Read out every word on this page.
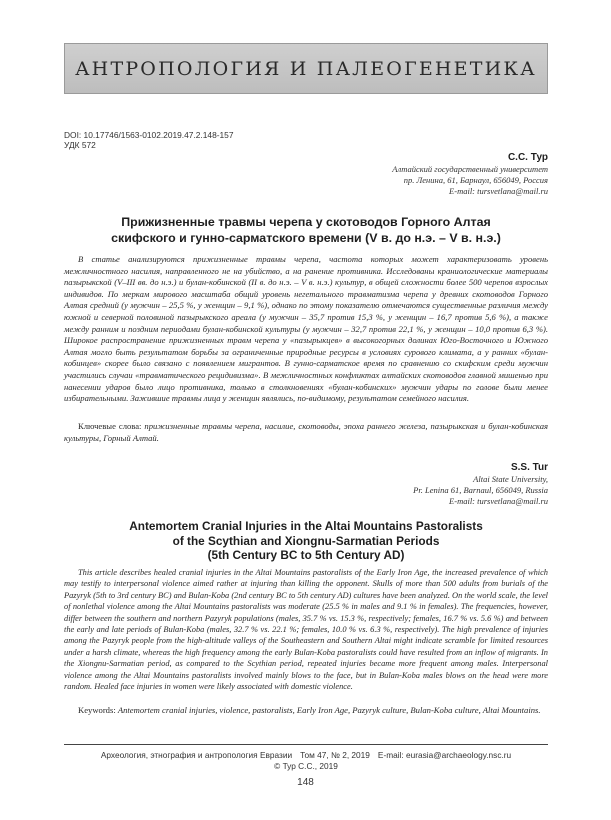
АНТРОПОЛОГИЯ И ПАЛЕОГЕНЕТИКА
DOI: 10.17746/1563-0102.2019.47.2.148-157
УДК 572
С.С. Тур
Алтайский государственный университет
пр. Ленина, 61, Барнаул, 656049, Россия
E-mail: tursvetlana@mail.ru
Прижизненные травмы черепа у скотоводов Горного Алтая
скифского и гунно-сарматского времени (V в. до н.э. – V в. н.э.)

В статье анализируются прижизненные травмы черепа, частота которых может характеризовать уровень межличностного насилия, направленного не на убийство, а на ранение противника. Исследованы краниологические материалы пазырыкской (V–III вв. до н.э.) и булан-кобинской (II в. до н.э. – V в. н.э.) культур, в общей сложности более 500 черепов взрослых индивидов. По меркам мирового масштаба общий уровень негетального травматизма черепа у древних скотоводов Горного Алтая средний (у мужчин – 25,5 %, у женщин – 9,1 %), однако по этому показателю отмечаются существенные различия между южной и северной половиной пазырыкского ареала (у мужчин – 35,7 против 15,3 %, у женщин – 16,7 против 5,6 %), а также между ранним и поздним периодами булан-кобинской культуры (у мужчин – 32,7 против 22,1 %, у женщин – 10,0 против 6,3 %). Широкое распространение прижизненных травм черепа у «пазырыкцев» в высокогорных долинах Юго-Восточного и Южного Алтая могло быть результатом борьбы за ограниченные природные ресурсы в условиях сурового климата, а у ранних «булан-кобинцев» скорее было связано с появлением мигрантов. В гунно-сарматское время по сравнению со скифским среди мужчин участились случаи «травматического рецидивизма». В межличностных конфликтах алтайских скотоводов главной мишенью при нанесении ударов было лицо противника, только в столкновениях «булан-кобинских» мужчин удары по голове были менее избирательными. Зажившие травмы лица у женщин являлись, по-видимому, результатом семейного насилия.

Ключевые слова: прижизненные травмы черепа, насилие, скотоводы, эпоха раннего железа, пазырыкская и булан-кобинская культуры, Горный Алтай.

S.S. Tur
Altai State University,
Pr. Lenina 61, Barnaul, 656049, Russia
E-mail: tursvetlana@mail.ru
Antemortem Cranial Injuries in the Altai Mountains Pastoralists
of the Scythian and Xiongnu-Sarmatian Periods
(5th Century BC to 5th Century AD)

This article describes healed cranial injuries in the Altai Mountains pastoralists of the Early Iron Age, the increased prevalence of which may testify to interpersonal violence aimed rather at injuring than killing the opponent. Skulls of more than 500 adults from burials of the Pazyryk (5th to 3rd century BC) and Bulan-Koba (2nd century BC to 5th century AD) cultures have been analyzed. On the world scale, the level of nonlethal violence among the Altai Mountains pastoralists was moderate (25.5 % in males and 9.1 % in females). The frequencies, however, differ between the southern and northern Pazyryk populations (males, 35.7 % vs. 15.3 %, respectively; females, 16.7 % vs. 5.6 %) and between the early and late periods of Bulan-Koba (males, 32.7 % vs. 22.1 %; females, 10.0 % vs. 6.3 %, respectively). The high prevalence of injuries among the Pazyryk people from the high-altitude valleys of the Southeastern and Southern Altai might indicate scramble for limited resources under a harsh climate, whereas the high frequency among the early Bulan-Koba pastoralists could have resulted from an inflow of migrants. In the Xiongnu-Sarmatian period, as compared to the Scythian period, repeated injuries became more frequent among males. Interpersonal violence among the Altai Mountains pastoralists involved mainly blows to the face, but in Bulan-Koba males blows on the head were more random. Healed face injuries in women were likely associated with domestic violence.

Keywords: Antemortem cranial injuries, violence, pastoralists, Early Iron Age, Pazyryk culture, Bulan-Koba culture, Altai Mountains.

Археология, этнография и антропология Евразии Том 47, № 2, 2019 E-mail: eurasia@archaeology.nsc.ru
© Тур С.С., 2019
148
